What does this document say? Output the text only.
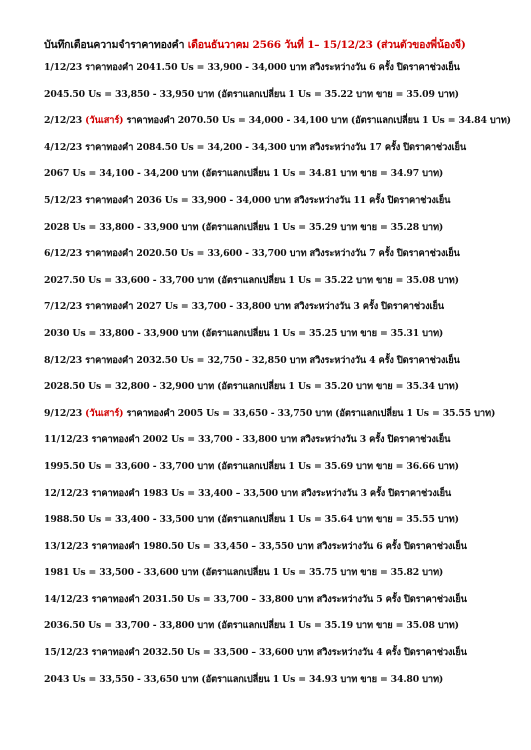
บันทึกเตือนความจำราคาทองคำ เดือนธันวาคม 2566 วันที่ 1– 15/12/23 (ส่วนตัวของพี่น้องจี)
1/12/23 ราคาทองคำ 2041.50 Us = 33,900 - 34,000 บาท สวิงระหว่างวัน 6 ครั้ง ปิดราคาช่วงเย็น
2045.50 Us = 33,850 - 33,950 บาท (อัตราแลกเปลี่ยน 1 Us = 35.22 บาท ขาย = 35.09 บาท)
2/12/23 (วันเสาร์) ราคาทองคำ 2070.50 Us = 34,000 - 34,100 บาท (อัตราแลกเปลี่ยน 1 Us = 34.84 บาท)
4/12/23 ราคาทองคำ 2084.50 Us = 34,200 - 34,300 บาท สวิงระหว่างวัน 17 ครั้ง ปิดราคาช่วงเย็น
2067 Us = 34,100 - 34,200 บาท (อัตราแลกเปลี่ยน 1 Us = 34.81 บาท ขาย = 34.97 บาท)
5/12/23 ราคาทองคำ 2036 Us = 33,900 - 34,000 บาท สวิงระหว่างวัน 11 ครั้ง ปิดราคาช่วงเย็น
2028 Us = 33,800 - 33,900 บาท (อัตราแลกเปลี่ยน 1 Us = 35.29 บาท ขาย = 35.28 บาท)
6/12/23 ราคาทองคำ 2020.50 Us = 33,600 - 33,700 บาท สวิงระหว่างวัน 7 ครั้ง ปิดราคาช่วงเย็น
2027.50 Us = 33,600 - 33,700 บาท (อัตราแลกเปลี่ยน 1 Us = 35.22 บาท ขาย = 35.08 บาท)
7/12/23 ราคาทองคำ 2027 Us = 33,700 - 33,800 บาท สวิงระหว่างวัน 3 ครั้ง ปิดราคาช่วงเย็น
2030 Us = 33,800 - 33,900 บาท (อัตราแลกเปลี่ยน 1 Us = 35.25 บาท ขาย = 35.31 บาท)
8/12/23 ราคาทองคำ 2032.50 Us = 32,750 - 32,850 บาท สวิงระหว่างวัน 4 ครั้ง ปิดราคาช่วงเย็น
2028.50 Us = 32,800 - 32,900 บาท (อัตราแลกเปลี่ยน 1 Us = 35.20 บาท ขาย = 35.34 บาท)
9/12/23 (วันเสาร์) ราคาทองคำ 2005 Us = 33,650 - 33,750 บาท (อัตราแลกเปลี่ยน 1 Us = 35.55 บาท)
11/12/23 ราคาทองคำ 2002 Us = 33,700 - 33,800 บาท สวิงระหว่างวัน 3 ครั้ง ปิดราคาช่วงเย็น
1995.50 Us = 33,600 - 33,700 บาท (อัตราแลกเปลี่ยน 1 Us = 35.69 บาท ขาย = 36.66 บาท)
12/12/23 ราคาทองคำ 1983 Us = 33,400 – 33,500 บาท สวิงระหว่างวัน 3 ครั้ง ปิดราคาช่วงเย็น
1988.50 Us = 33,400 - 33,500 บาท (อัตราแลกเปลี่ยน 1 Us = 35.64 บาท ขาย = 35.55 บาท)
13/12/23 ราคาทองคำ 1980.50 Us = 33,450 – 33,550 บาท สวิงระหว่างวัน 6 ครั้ง ปิดราคาช่วงเย็น
1981 Us = 33,500 - 33,600 บาท (อัตราแลกเปลี่ยน 1 Us = 35.75 บาท ขาย = 35.82 บาท)
14/12/23 ราคาทองคำ 2031.50 Us = 33,700 – 33,800 บาท สวิงระหว่างวัน 5 ครั้ง ปิดราคาช่วงเย็น
2036.50 Us = 33,700 - 33,800 บาท (อัตราแลกเปลี่ยน 1 Us = 35.19 บาท ขาย = 35.08 บาท)
15/12/23 ราคาทองคำ 2032.50 Us = 33,500 – 33,600 บาท สวิงระหว่างวัน 4 ครั้ง ปิดราคาช่วงเย็น
2043 Us = 33,550 - 33,650 บาท (อัตราแลกเปลี่ยน 1 Us = 34.93 บาท ขาย = 34.80 บาท)
